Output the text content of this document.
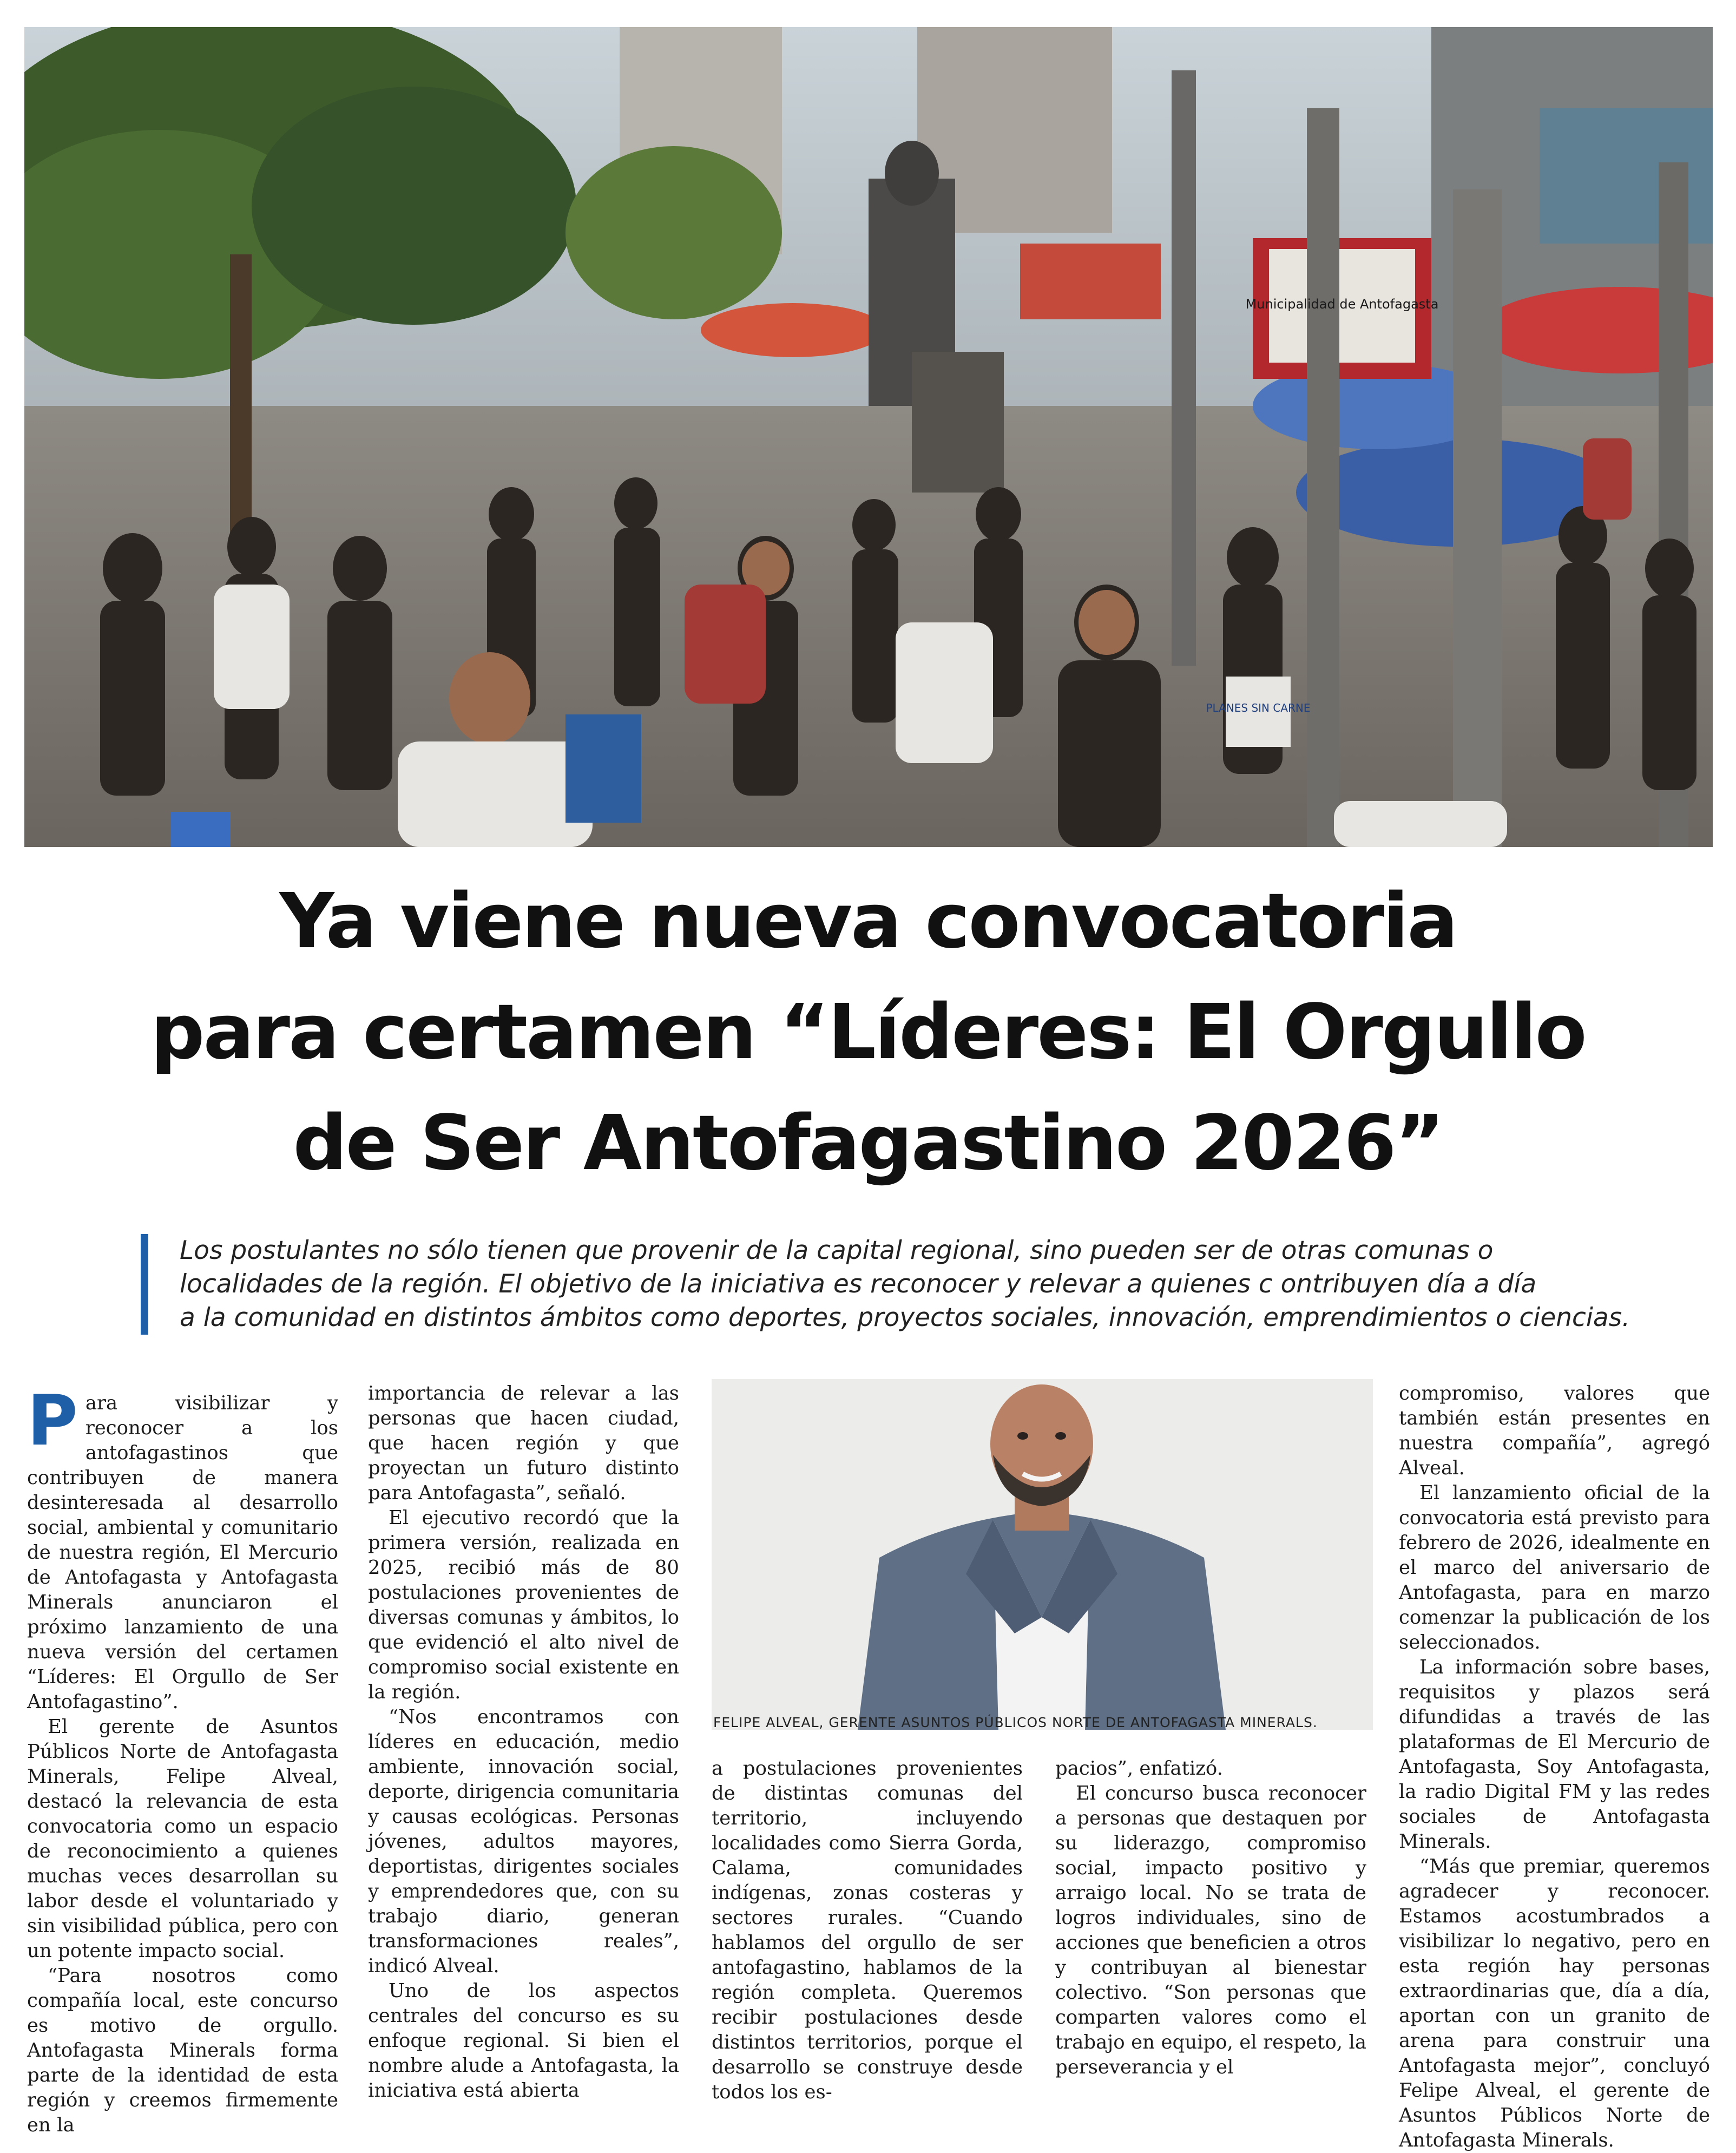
Municipalidad de Antofagasta
PLANES SIN CARNE
Ya viene nueva convocatoria
para certamen “Líderes: El Orgullo
de Ser Antofagastino 2026”
Los postulantes no sólo tienen que provenir de la capital regional, sino pueden ser de otras comunas o
localidades de la región. El objetivo de la iniciativa es reconocer y relevar a quienes c ontribuyen día a día
a la comunidad en distintos ámbitos como deportes, proyectos sociales, innovación, emprendimientos o ciencias.

Para visibilizar y reconocer a los antofagastinos que contribuyen de manera desinteresada al desarrollo social, ambiental y comunitario de nuestra región, El Mercurio de Antofagasta y Antofagasta Minerals anunciaron el próximo lanzamiento de una nueva versión del certamen “Líderes: El Orgullo de Ser Antofagastino”.

El gerente de Asuntos Públicos Norte de Antofagasta Minerals, Felipe Alveal, destacó la relevancia de esta convocatoria como un espacio de reconocimiento a quienes muchas veces desarrollan su labor desde el voluntariado y sin visibilidad pública, pero con un potente impacto social.

“Para nosotros como compañía local, este concurso es motivo de orgullo. Antofagasta Minerals forma parte de la identidad de esta región y creemos firmemente en la

importancia de relevar a las personas que hacen ciudad, que hacen región y que proyectan un futuro distinto para Antofagasta”, señaló.

El ejecutivo recordó que la primera versión, realizada en 2025, recibió más de 80 postulaciones provenientes de diversas comunas y ámbitos, lo que evidenció el alto nivel de compromiso social existente en la región.

“Nos encontramos con líderes en educación, medio ambiente, innovación social, deporte, dirigencia comunitaria y causas ecológicas. Personas jóvenes, adultos mayores, deportistas, dirigentes sociales y emprendedores que, con su trabajo diario, generan transformaciones reales”, indicó Alveal.

Uno de los aspectos centrales del concurso es su enfoque regional. Si bien el nombre alude a Antofagasta, la iniciativa está abierta

FELIPE ALVEAL, GERENTE ASUNTOS PÚBLICOS NORTE DE ANTOFAGASTA MINERALS.

a postulaciones provenientes de distintas comunas del territorio, incluyendo localidades como Sierra Gorda, Calama, comunidades indígenas, zonas costeras y sectores rurales. “Cuando hablamos del orgullo de ser antofagastino, hablamos de la región completa. Queremos recibir postulaciones desde distintos territorios, porque el desarrollo se construye desde todos los es-

pacios”, enfatizó.

El concurso busca reconocer a personas que destaquen por su liderazgo, compromiso social, impacto positivo y arraigo local. No se trata de logros individuales, sino de acciones que beneficien a otros y contribuyan al bienestar colectivo. “Son personas que comparten valores como el trabajo en equipo, el respeto, la perseverancia y el

compromiso, valores que también están presentes en nuestra compañía”, agregó Alveal.

El lanzamiento oficial de la convocatoria está previsto para febrero de 2026, idealmente en el marco del aniversario de Antofagasta, para en marzo comenzar la publicación de los seleccionados.

La información sobre bases, requisitos y plazos será difundidas a través de las plataformas de El Mercurio de Antofagasta, Soy Antofagasta, la radio Digital FM y las redes sociales de Antofagasta Minerals.

“Más que premiar, queremos agradecer y reconocer. Estamos acostumbrados a visibilizar lo negativo, pero en esta región hay personas extraordinarias que, día a día, aportan con un granito de arena para construir una Antofagasta mejor”, concluyó Felipe Alveal, el gerente de Asuntos Públicos Norte de Antofagasta Minerals.
